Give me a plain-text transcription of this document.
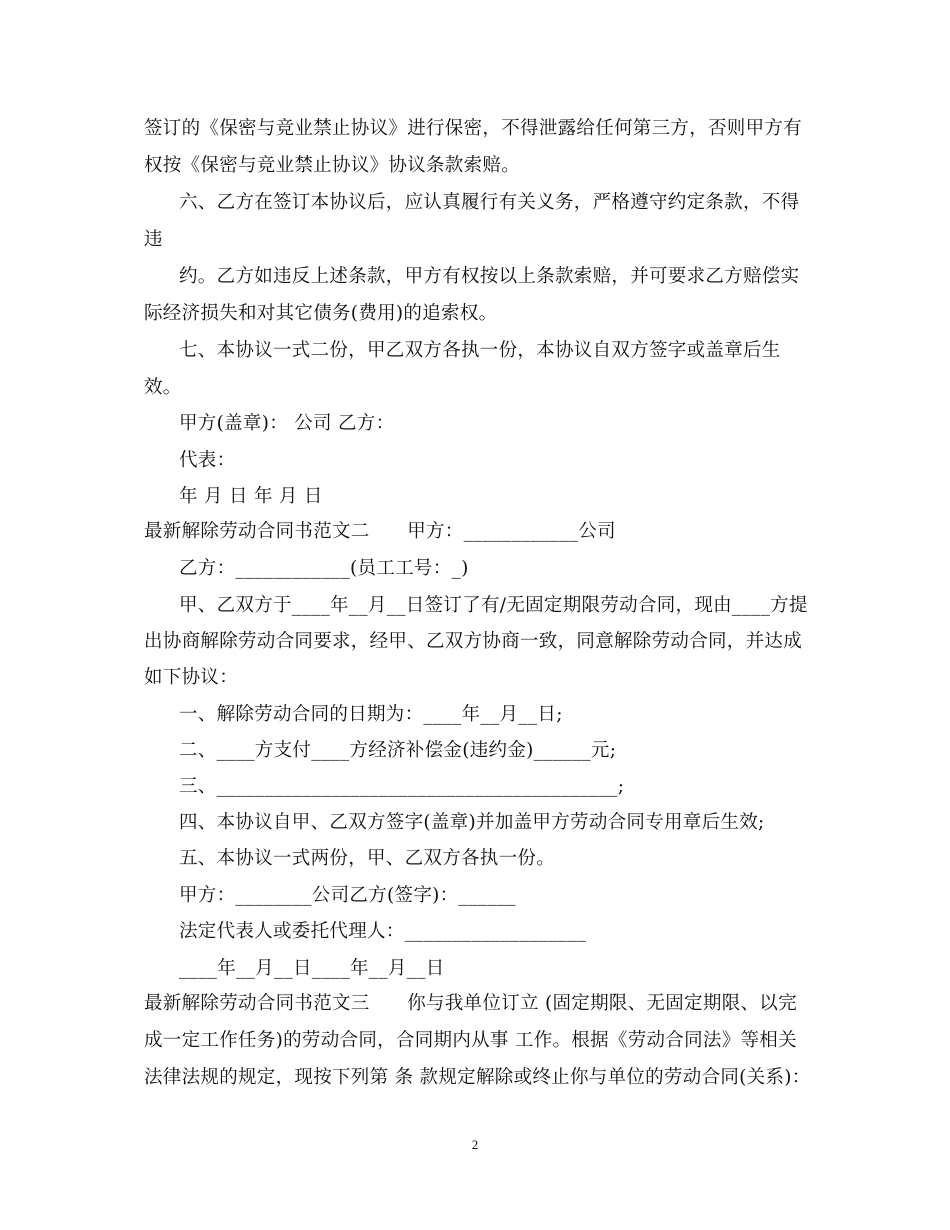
签订的《保密与竞业禁止协议》进行保密，不得泄露给任何第三方，否则甲方有
权按《保密与竞业禁止协议》协议条款索赔。
六、乙方在签订本协议后，应认真履行有关义务，严格遵守约定条款，不得
违
约。乙方如违反上述条款，甲方有权按以上条款索赔，并可要求乙方赔偿实
际经济损失和对其它债务(费用)的追索权。
七、本协议一式二份，甲乙双方各执一份，本协议自双方签字或盖章后生
效。
甲方(盖章)： 公司 乙方：
代表：
年 月 日 年 月 日
最新解除劳动合同书范文二　　甲方：____________公司
乙方：____________(员工工号：_)
甲、乙双方于____年__月__日签订了有/无固定期限劳动合同，现由____方提
出协商解除劳动合同要求，经甲、乙双方协商一致，同意解除劳动合同，并达成
如下协议：
一、解除劳动合同的日期为：____年__月__日;
二、____方支付____方经济补偿金(违约金)______元;
三、__________________________________________;
四、本协议自甲、乙双方签字(盖章)并加盖甲方劳动合同专用章后生效;
五、本协议一式两份，甲、乙双方各执一份。
甲方：________公司乙方(签字)：______
法定代表人或委托代理人：___________________
____年__月__日____年__月__日
最新解除劳动合同书范文三　　你与我单位订立 (固定期限、无固定期限、以完
成一定工作任务)的劳动合同，合同期内从事 工作。根据《劳动合同法》等相关
法律法规的规定，现按下列第 条 款规定解除或终止你与单位的劳动合同(关系)：
2
